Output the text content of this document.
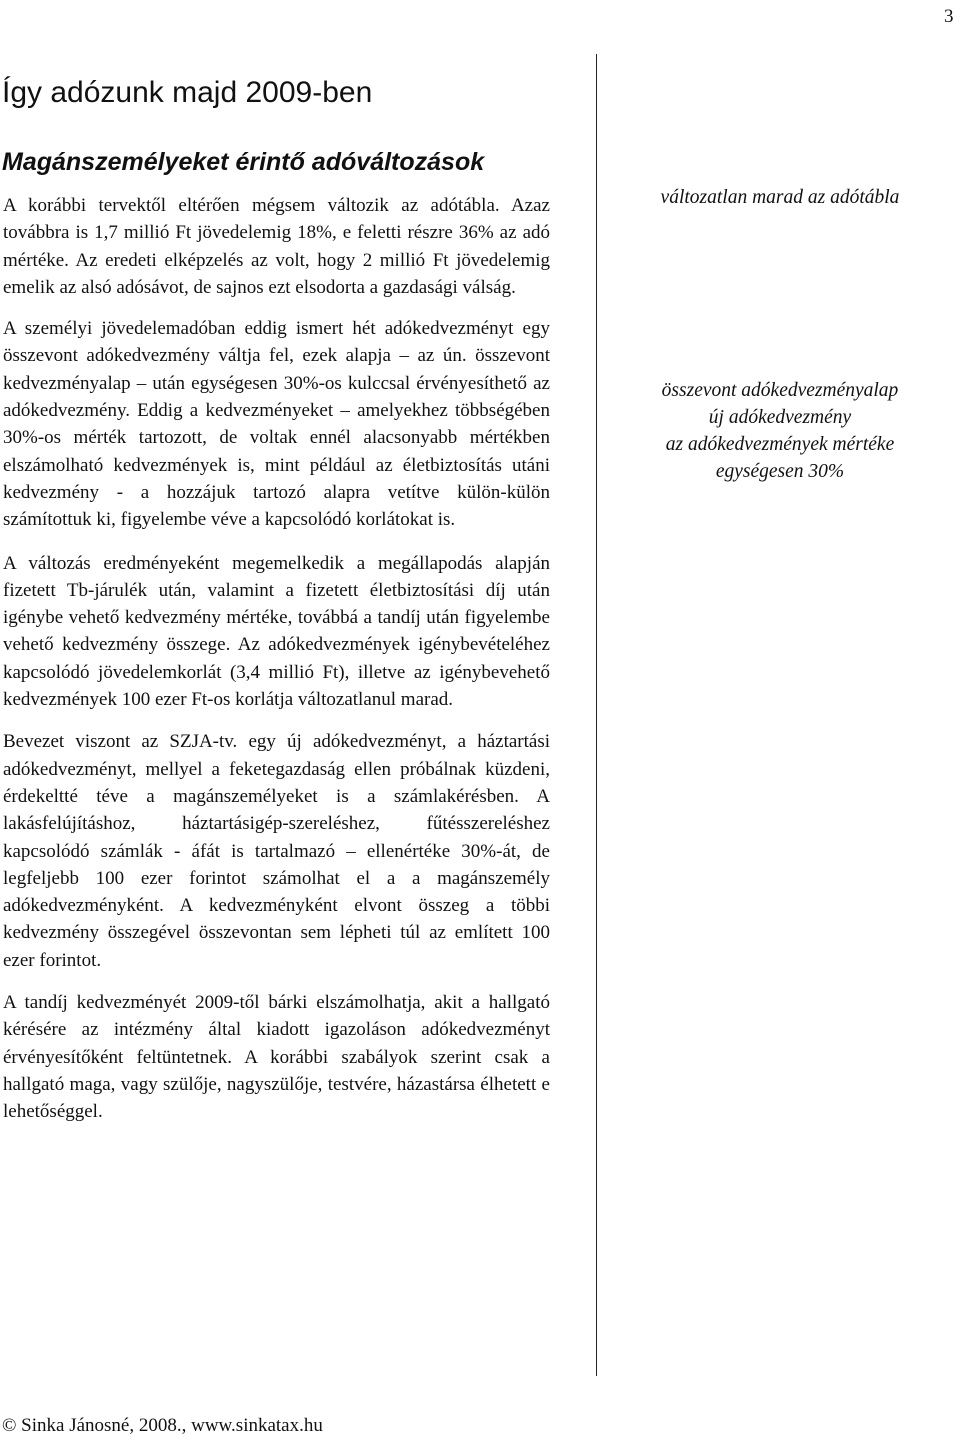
3
Így adózunk majd 2009-ben
Magánszemélyeket érintő adóváltozások

A korábbi tervektől eltérően mégsem változik az adótábla. Azaz továbbra is 1,7 millió Ft jövedelemig 18%, e feletti részre 36% az adó mértéke. Az eredeti elképzelés az volt, hogy 2 millió Ft jövedelemig emelik az alsó adósávot, de sajnos ezt elsodorta a gazdasági válság.

A személyi jövedelemadóban eddig ismert hét adókedvezményt egy összevont adókedvezmény váltja fel, ezek alapja – az ún. összevont kedvezményalap – után egységesen 30%-os kulccsal érvényesíthető az adókedvezmény. Eddig a kedvezményeket – amelyekhez többségében 30%-os mérték tartozott, de voltak ennél alacsonyabb mértékben elszámolható kedvezmények is, mint például az életbiztosítás utáni kedvezmény - a hozzájuk tartozó alapra vetítve külön-külön számítottuk ki, figyelembe véve a kapcsolódó korlátokat is.

A változás eredményeként megemelkedik a megállapodás alapján fizetett Tb-járulék után, valamint a fizetett életbiztosítási díj után igénybe vehető kedvezmény mértéke, továbbá a tandíj után figyelembe vehető kedvezmény összege. Az adókedvezmények igénybevételéhez kapcsolódó jövedelemkorlát (3,4 millió Ft), illetve az igénybevehető kedvezmények 100 ezer Ft-os korlátja változatlanul marad.

Bevezet viszont az SZJA-tv. egy új adókedvezményt, a háztartási adókedvezményt, mellyel a feketegazdaság ellen próbálnak küzdeni, érdekeltté téve a magánszemélyeket is a számlakérésben. A lakásfelújításhoz, háztartásigép-szereléshez, fűtésszereléshez kapcsolódó számlák - áfát is tartalmazó – ellenértéke 30%-át, de legfeljebb 100 ezer forintot számolhat el a a magánszemély adókedvezményként. A kedvezményként elvont összeg a többi kedvezmény összegével összevontan sem lépheti túl az említett 100 ezer forintot.

A tandíj kedvezményét 2009-től bárki elszámolhatja, akit a hallgató kérésére az intézmény által kiadott igazoláson adókedvezményt érvényesítőként feltüntetnek. A korábbi szabályok szerint csak a hallgató maga, vagy szülője, nagyszülője, testvére, házastársa élhetett e lehetőséggel.

változatlan marad az adótábla
összevont adókedvezményalap
új adókedvezmény
az adókedvezmények mértéke
egységesen 30%
© Sinka Jánosné, 2008., www.sinkatax.hu
